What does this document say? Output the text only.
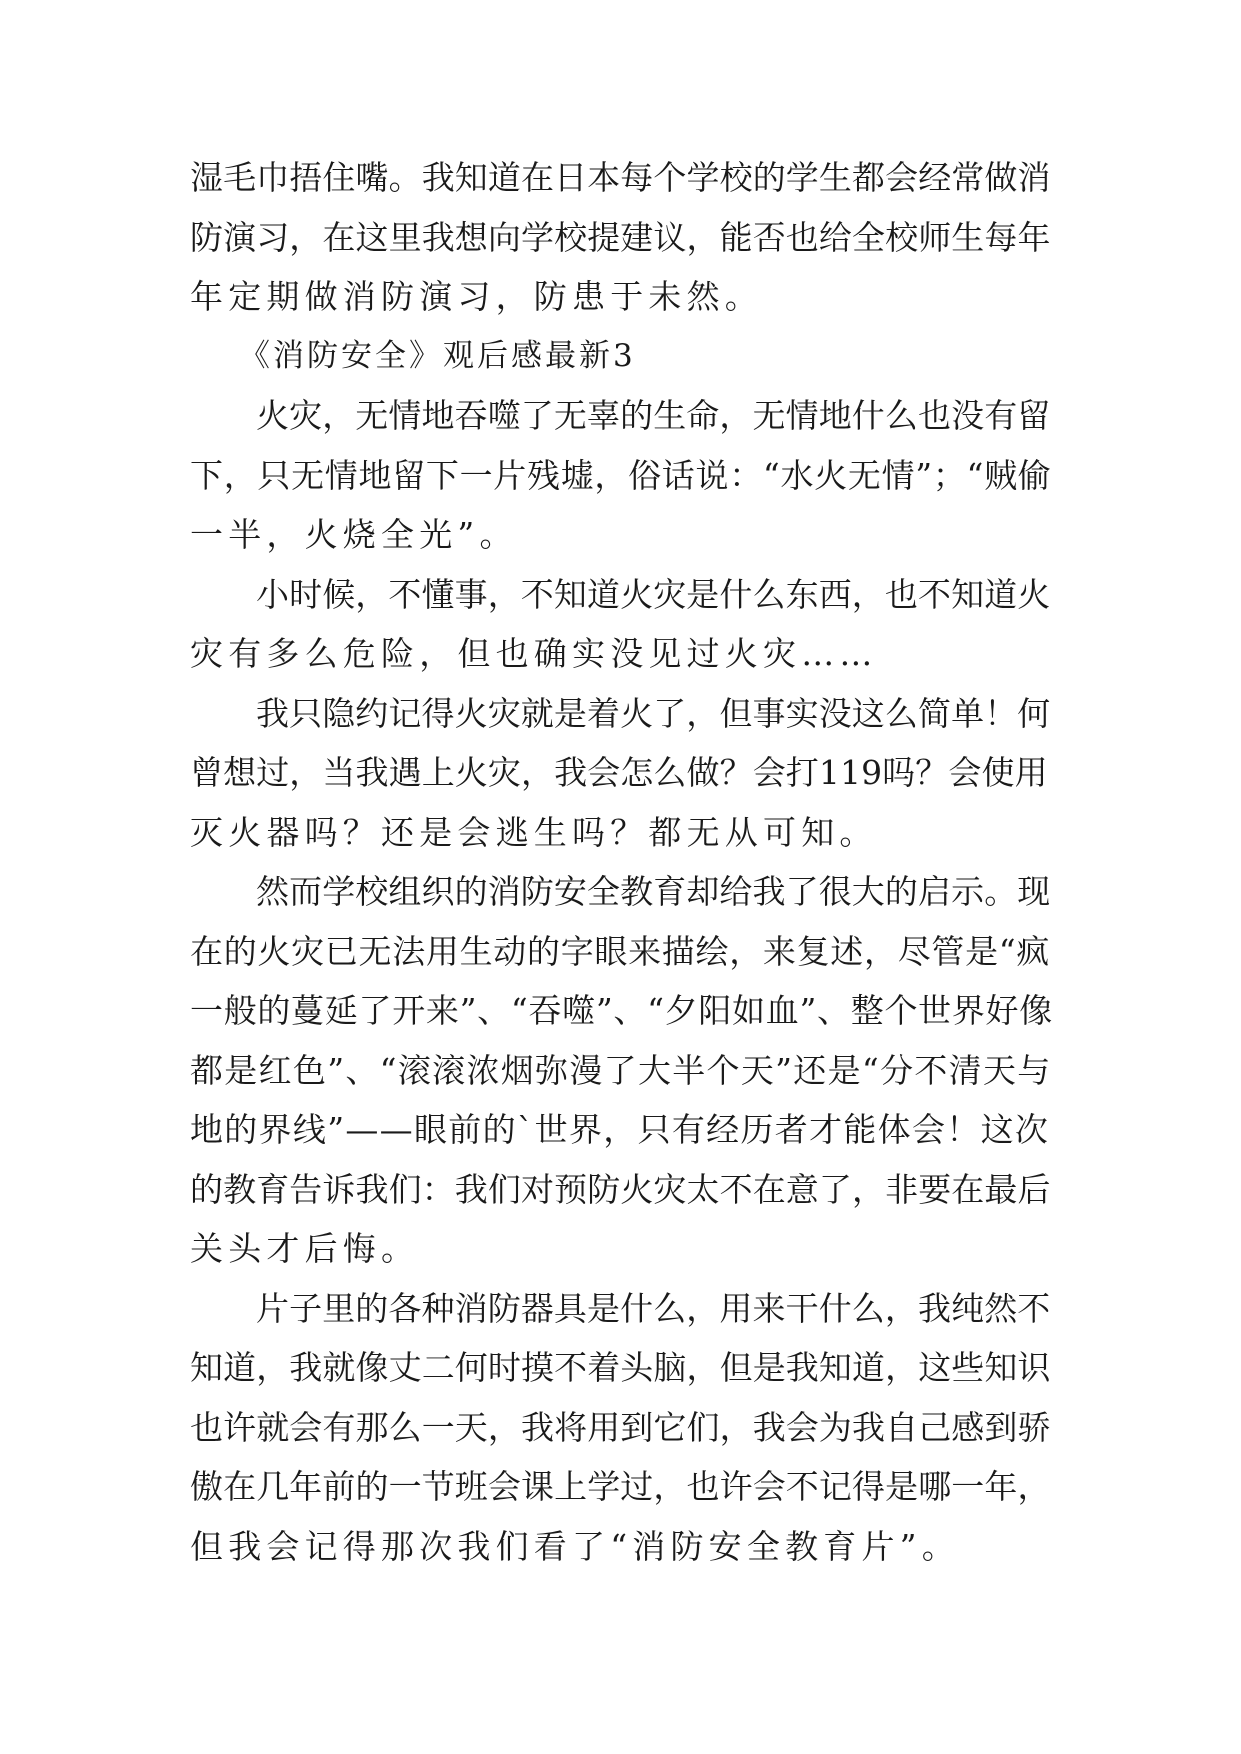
湿毛巾捂住嘴。我知道在日本每个学校的学生都会经常做消
防演习，在这里我想向学校提建议，能否也给全校师生每年
年定期做消防演习，防患于未然。
《消防安全》观后感最新3
火灾，无情地吞噬了无辜的生命，无情地什么也没有留
下，只无情地留下一片残墟，俗话说：“水火无情”；“贼偷
一半，火烧全光”。
小时候，不懂事，不知道火灾是什么东西，也不知道火
灾有多么危险，但也确实没见过火灾……
我只隐约记得火灾就是着火了，但事实没这么简单！何
曾想过，当我遇上火灾，我会怎么做？会打119吗？会使用
灭火器吗？还是会逃生吗？都无从可知。
然而学校组织的消防安全教育却给我了很大的启示。现
在的火灾已无法用生动的字眼来描绘，来复述，尽管是“疯
一般的蔓延了开来”、“吞噬”、“夕阳如血”、整个世界好像
都是红色”、“滚滚浓烟弥漫了大半个天”还是“分不清天与
地的界线”——眼前的`世界，只有经历者才能体会！这次
的教育告诉我们：我们对预防火灾太不在意了，非要在最后
关头才后悔。
片子里的各种消防器具是什么，用来干什么，我纯然不
知道，我就像丈二何时摸不着头脑，但是我知道，这些知识
也许就会有那么一天，我将用到它们，我会为我自己感到骄
傲在几年前的一节班会课上学过，也许会不记得是哪一年，
但我会记得那次我们看了“消防安全教育片”。
